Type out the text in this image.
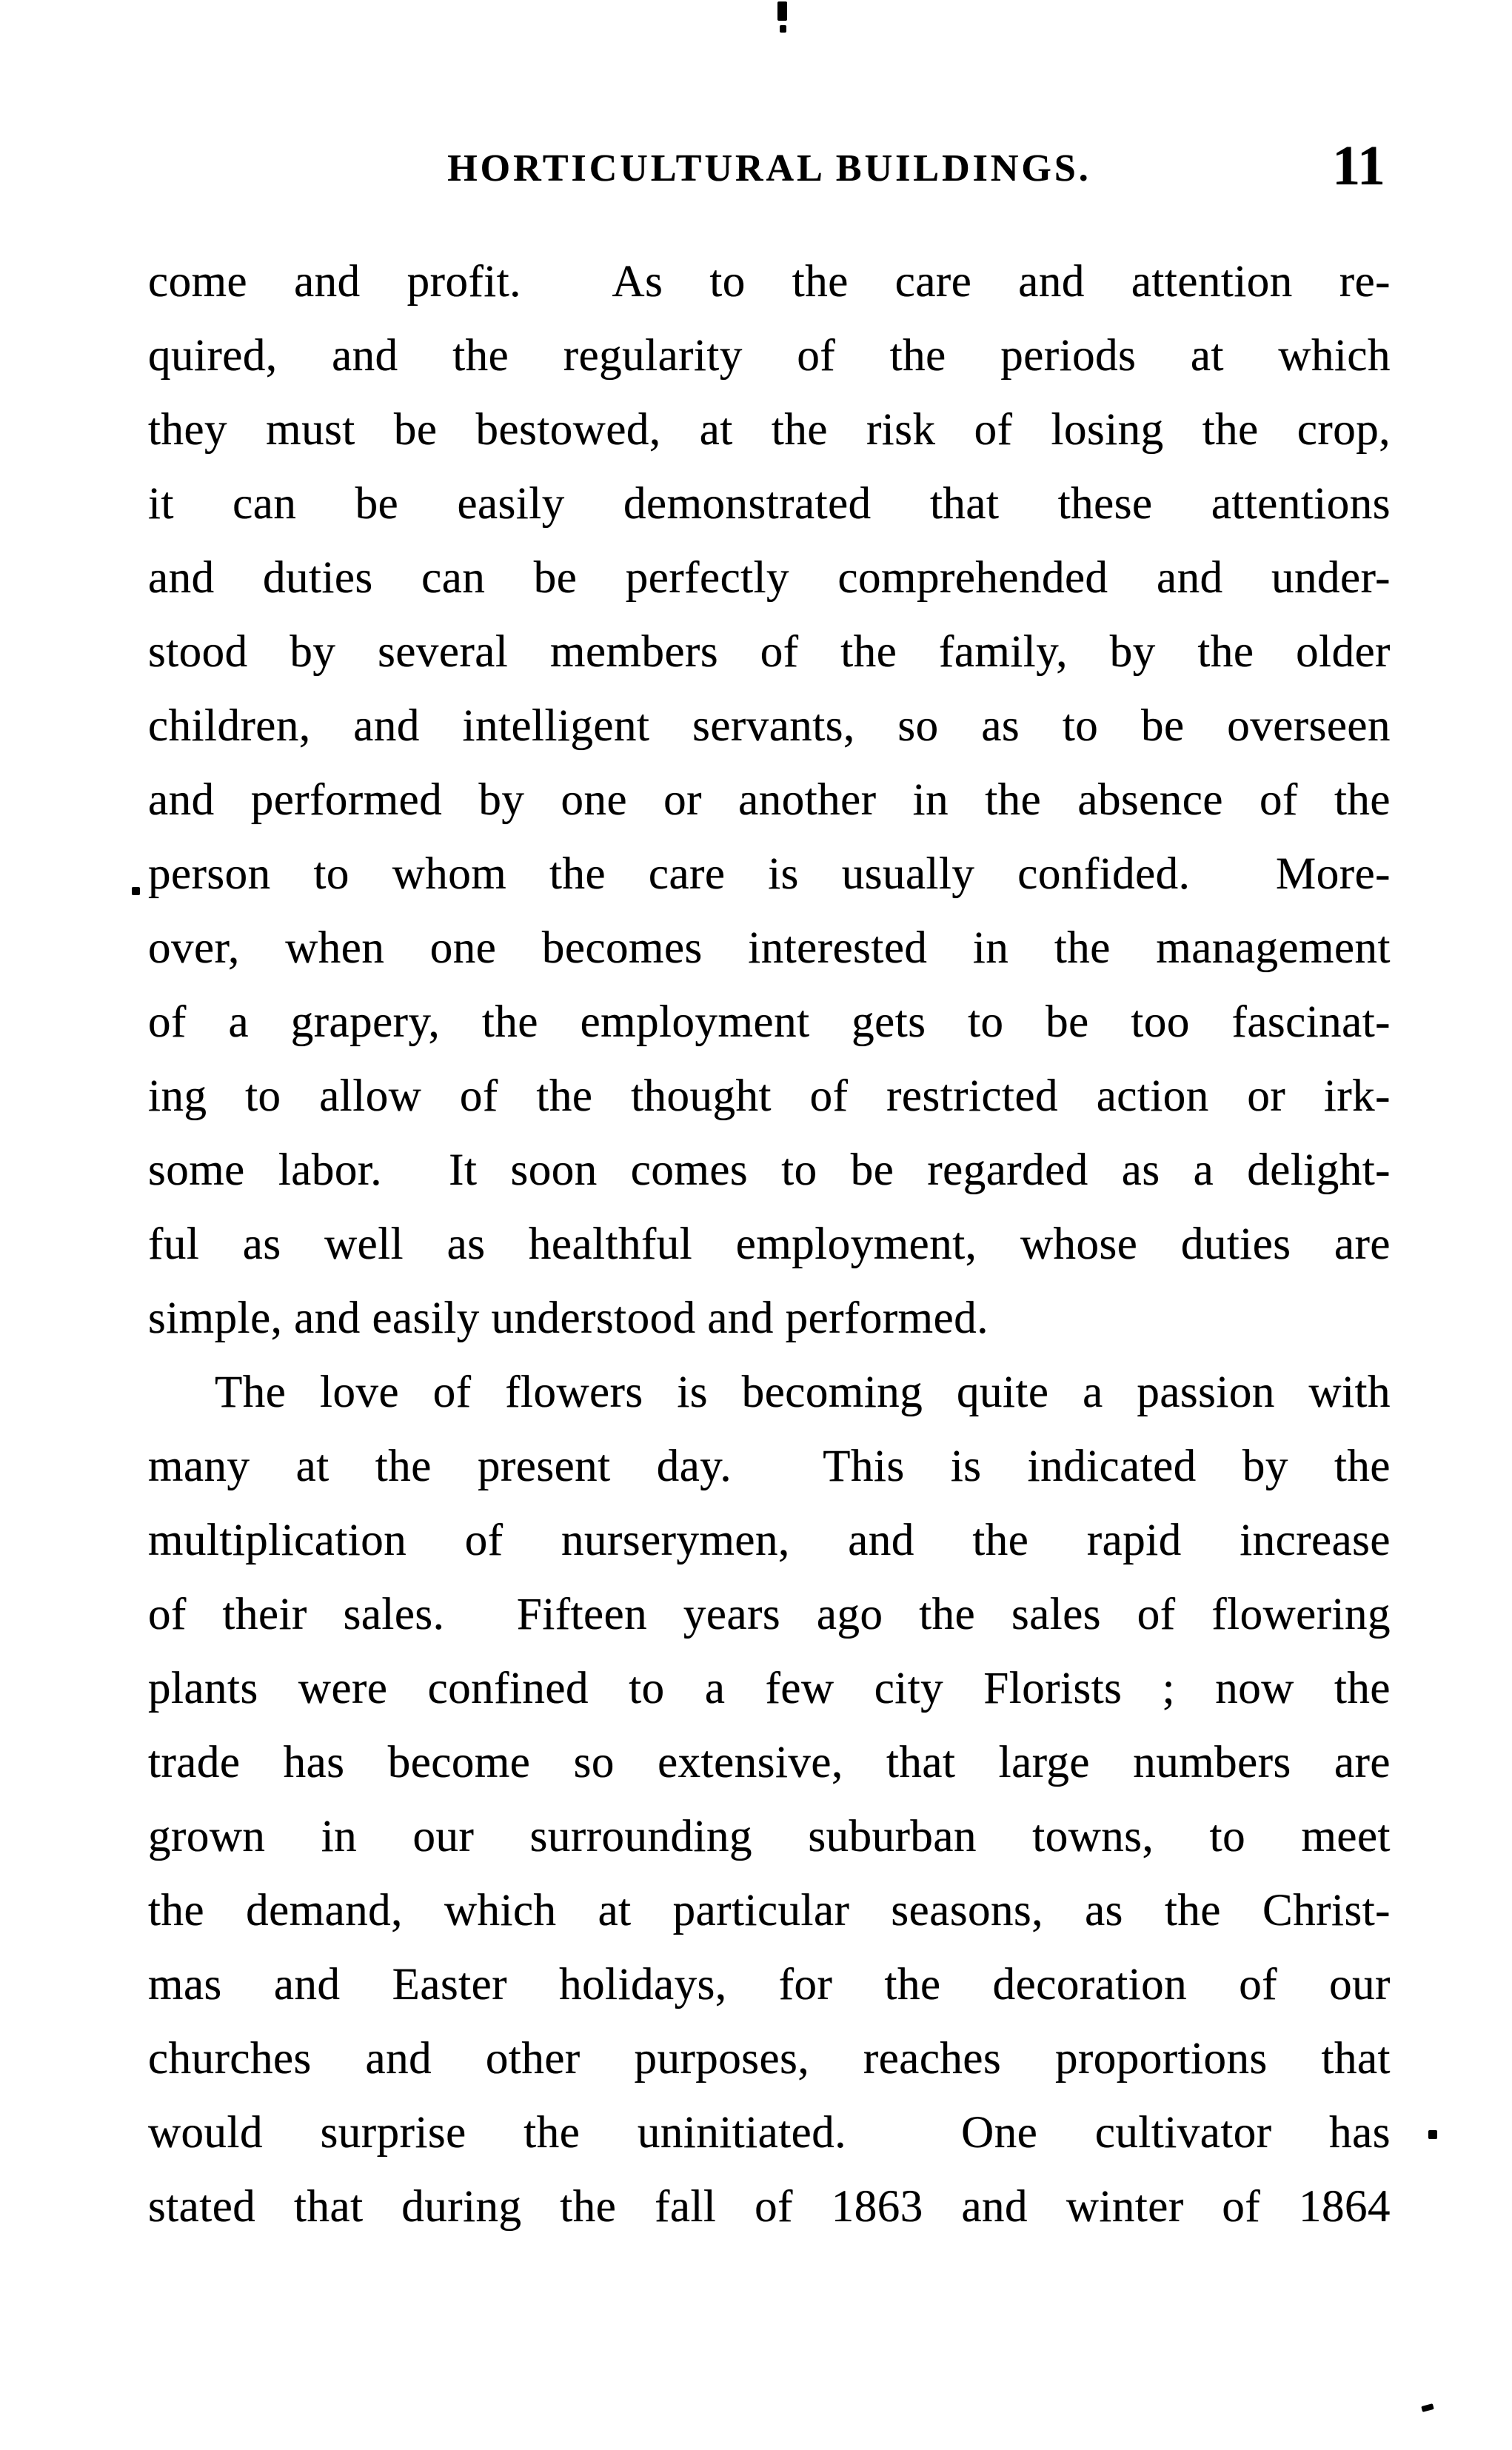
HORTICULTURAL BUILDINGS.	11
come and profit.  As to the care and attention re-
quired, and the regularity of the periods at which
they must be bestowed, at the risk of losing the crop,
it can be easily demonstrated that these attentions
and duties can be perfectly comprehended and under-
stood by several members of the family, by the older
children, and intelligent servants, so as to be overseen
and performed by one or another in the absence of the
person to whom the care is usually confided.  More-
over, when one becomes interested in the management
of a grapery, the employment gets to be too fascinat-
ing to allow of the thought of restricted action or irk-
some labor.  It soon comes to be regarded as a delight-
ful as well as healthful employment, whose duties are
simple, and easily understood and performed.
The love of flowers is becoming quite a passion with
many at the present day.  This is indicated by the
multiplication of nurserymen, and the rapid increase
of their sales.  Fifteen years ago the sales of flowering
plants were confined to a few city Florists ; now the
trade has become so extensive, that large numbers are
grown in our surrounding suburban towns, to meet
the demand, which at particular seasons, as the Christ-
mas and Easter holidays, for the decoration of our
churches and other purposes, reaches proportions that
would surprise the uninitiated.  One cultivator has
stated that during the fall of 1863 and winter of 1864
